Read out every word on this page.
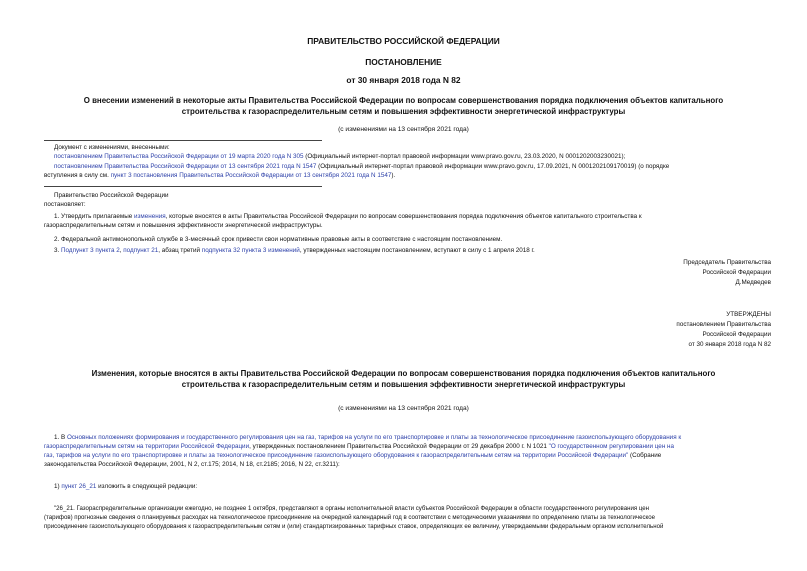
ПРАВИТЕЛЬСТВО РОССИЙСКОЙ ФЕДЕРАЦИИ
ПОСТАНОВЛЕНИЕ
от 30 января 2018 года N 82
О внесении изменений в некоторые акты Правительства Российской Федерации по вопросам совершенствования порядка подключения объектов капитального
строительства к газораспределительным сетям и повышения эффективности энергетической инфраструктуры
(с изменениями на 13 сентября 2021 года)
Документ с изменениями, внесенными:
постановлением Правительства Российской Федерации от 19 марта 2020 года N 305 (Официальный интернет-портал правовой информации www.pravo.gov.ru, 23.03.2020, N 0001202003230021);
постановлением Правительства Российской Федерации от 13 сентября 2021 года N 1547 (Официальный интернет-портал правовой информации www.pravo.gov.ru, 17.09.2021, N 0001202109170019) (о порядке
вступления в силу см. пункт 3 постановления Правительства Российской Федерации от 13 сентября 2021 года N 1547).
Правительство Российской Федерации
постановляет:
1. Утвердить прилагаемые изменения, которые вносятся в акты Правительства Российской Федерации по вопросам совершенствования порядка подключения объектов капитального строительства к
газораспределительным сетям и повышения эффективности энергетической инфраструктуры.
2. Федеральной антимонопольной службе в 3-месячный срок привести свои нормативные правовые акты в соответствие с настоящим постановлением.
3. Подпункт 3 пункта 2, подпункт 21, абзац третий подпункта 32 пункта 3 изменений, утвержденных настоящим постановлением, вступают в силу с 1 апреля 2018 г.
Председатель Правительства
Российской Федерации
Д.Медведев
УТВЕРЖДЕНЫ
постановлением Правительства
Российской Федерации
от 30 января 2018 года N 82
Изменения, которые вносятся в акты Правительства Российской Федерации по вопросам совершенствования порядка подключения объектов капитального
строительства к газораспределительным сетям и повышения эффективности энергетической инфраструктуры
(с изменениями на 13 сентября 2021 года)
1. В Основных положениях формирования и государственного регулирования цен на газ, тарифов на услуги по его транспортировке и платы за технологическое присоединение газоиспользующего оборудования к
газораспределительным сетям на территории Российской Федерации, утвержденных постановлением Правительства Российской Федерации от 29 декабря 2000 г. N 1021 "О государственном регулировании цен на
газ, тарифов на услуги по его транспортировке и платы за технологическое присоединение газоиспользующего оборудования к газораспределительным сетям на территории Российской Федерации" (Собрание
законодательства Российской Федерации, 2001, N 2, ст.175; 2014, N 18, ст.2185; 2016, N 22, ст.3211):
1) пункт 26_21 изложить в следующей редакции:
"26_21. Газораспределительные организации ежегодно, не позднее 1 октября, представляют в органы исполнительной власти субъектов Российской Федерации в области государственного регулирования цен
(тарифов) прогнозные сведения о планируемых расходах на технологическое присоединение на очередной календарный год в соответствии с методическими указаниями по определению платы за технологическое
присоединение газоиспользующего оборудования к газораспределительным сетям и (или) стандартизированных тарифных ставок, определяющих ее величину, утверждаемыми федеральным органом исполнительной
